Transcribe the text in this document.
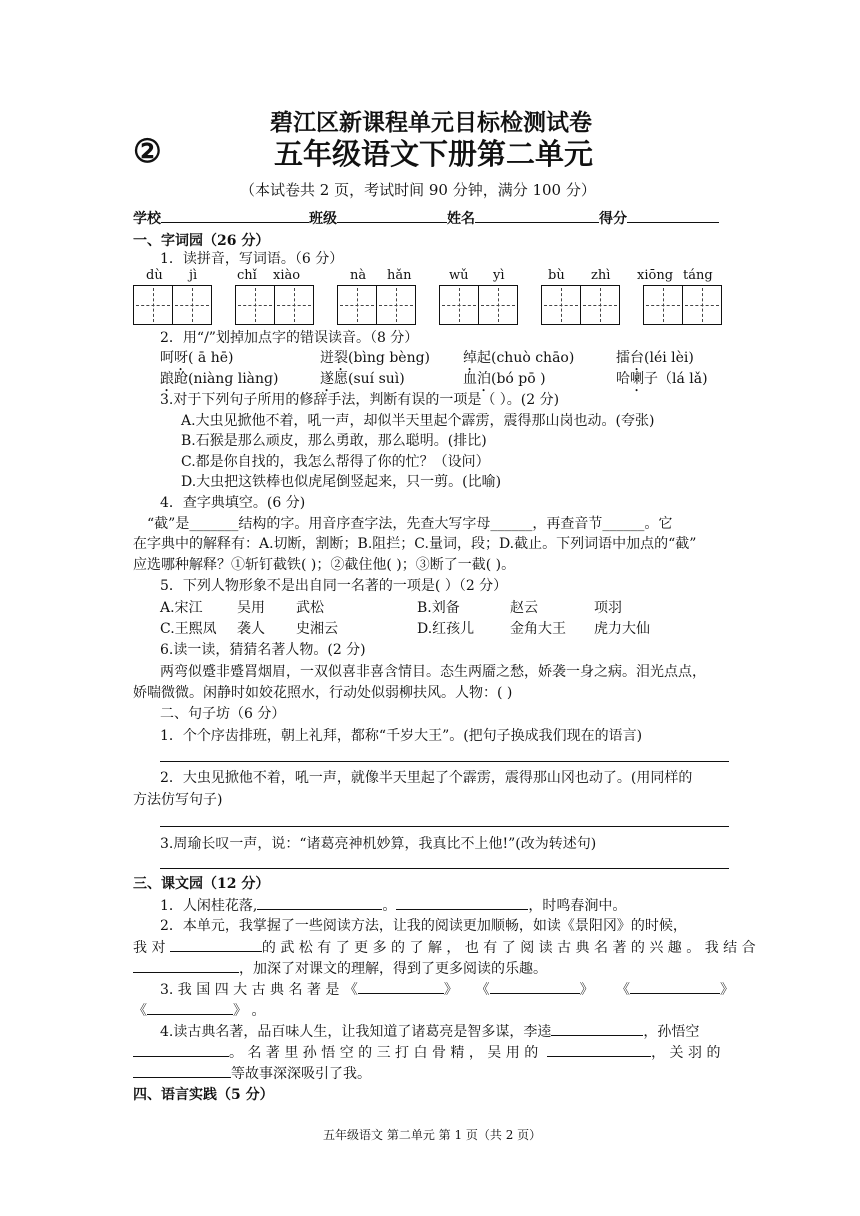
碧江区新课程单元目标检测试卷
②	五年级语文下册第二单元
（本试卷共 2 页，考试时间 90 分钟，满分 100 分）
学校	班级	姓名	得分
一、字词园（26 分）
1．读拼音，写词语。（6 分）
dù jì	chǐ xiào	nà hǎn	wǔ yì	bù zhì xiōng táng
2．用“/”划掉加点字的错误读音。（8 分）
呵呀( ā hē)	迸裂(bìng bèng) 绰起(chuò chāo)	擂台(léi lèi)
踉跄(niànɡ liànɡ)	遂愿(suí suì)	血泊(bó pō )	哈喇子（lá lǎ)
3.对于下列句子所用的修辞手法，判断有误的一项是（ ）。(2 分)
A.大虫见掀他不着，吼一声，却似半天里起个霹雳，震得那山岗也动。(夸张)
B.石猴是那么顽皮，那么勇敢，那么聪明。(排比)
C.都是你自找的，我怎么帮得了你的忙？（设问）
D.大虫把这铁棒也似虎尾倒竖起来，只一剪。(比喻)
4．查字典填空。(6 分)
“截”是_______结构的字。用音序查字法，先查大写字母______，再查音节______。它
在字典中的解释有：A.切断，割断；B.阻拦；C.量词，段；D.截止。下列词语中加点的“截”
应选哪种解释？①斩钉截铁( )；②截住他( )；③断了一截( )。
5．下列人物形象不是出自同一名著的一项是( ）（2 分）
A.宋江 吴用 武松	B.刘备	赵云	项羽
C.王熙凤 袭人 史湘云	D.红孩儿	金角大王 虎力大仙
6.读一读，猜猜名著人物。(2 分)
两弯似蹙非蹙罥烟眉，一双似喜非喜含情目。态生两靥之愁，娇袭一身之病。泪光点点，
娇喘微微。闲静时如姣花照水，行动处似弱柳扶风。人物：( )
二、句子坊（6 分）
1．个个序齿排班，朝上礼拜，都称“千岁大王”。(把句子换成我们现在的语言)
2．大虫见掀他不着，吼一声，就像半天里起了个霹雳，震得那山冈也动了。(用同样的
方法仿写句子)
3.周瑜长叹一声，说：“诸葛亮神机妙算，我真比不上他!”(改为转述句)
三、课文园（12 分）
1．人闲桂花落,	。	，时鸣春涧中。
2．本单元，我掌握了一些阅读方法，让我的阅读更加顺畅，如读《景阳冈》的时候，
我 对	的 武 松 有 了 更 多 的 了 解 ， 也 有 了 阅 读 古 典 名 著 的 兴 趣 。 我 结 合
，加深了对课文的理解，得到了更多阅读的乐趣。
3. 我 国 四 大 古 典 名 著 是 《	》 《	》 《	》
《	》 。
4.读古典名著，品百味人生，让我知道了诸葛亮是智多谋，李逵	，孙悟空
。 名 著 里 孙 悟 空 的 三 打 白 骨 精 ， 吴 用 的	， 关 羽 的
等故事深深吸引了我。
四、语言实践（5 分）
五年级语文 第二单元 第 1 页（共 2 页）
